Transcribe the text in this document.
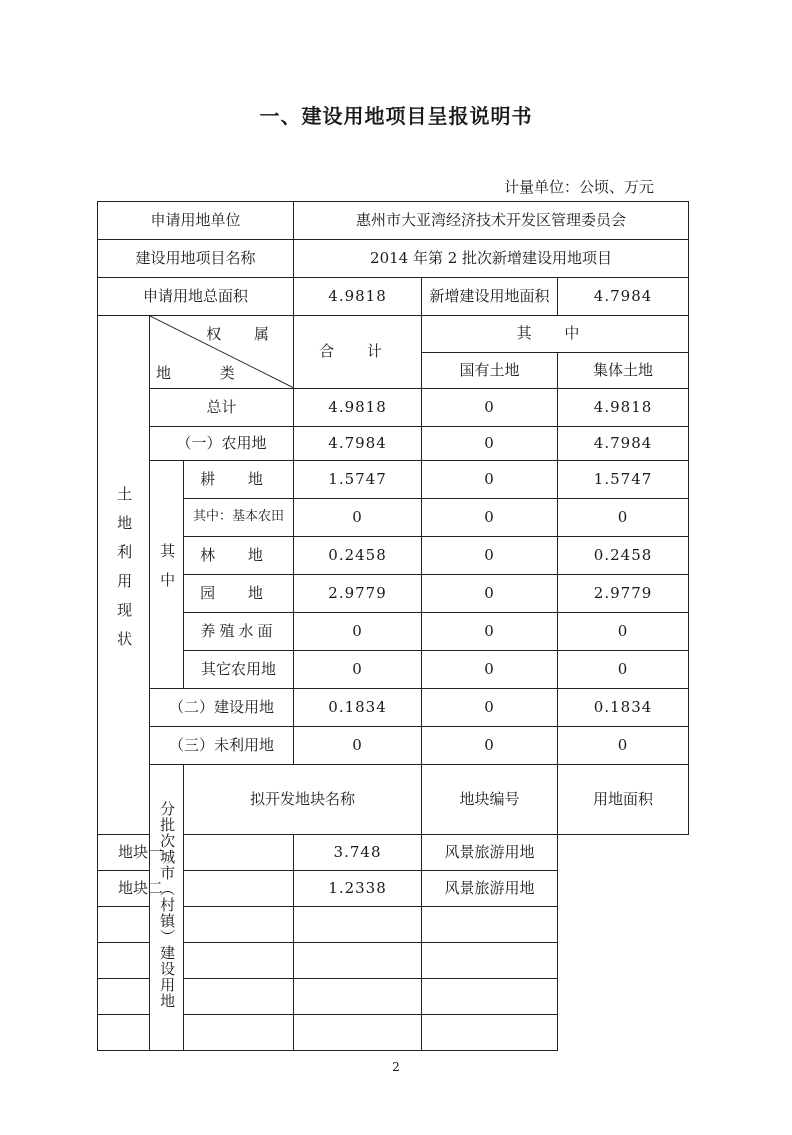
一、建设用地项目呈报说明书
计量单位：公顷、万元
申请用地单位			惠州市大亚湾经济技术开发区管理委员会			
建设用地项目名称			2014 年第 2 批次新增建设用地项目			
申请用地总面积			4.9818	新增建设用地面积	4.7984	
土地利用现状	权 属
地 类		合 计	其 中		
				国有土地	集体土地	
	总计		4.9818	0	4.9818	
	（一）农用地		4.7984	0	4.7984	
	其中	耕 地	1.5747	0	1.5747	
		其中：基本农田	0	0	0	
		林 地	0.2458	0	0.2458	
		园 地	2.9779	0	2.9779	
		养殖水面	0	0	0	
		其它农用地	0	0	0	
	（二）建设用地		0.1834	0	0.1834	
	（三）未利用地		0	0	0	
	分批次城市（村镇）建设用地	拟开发地块名称		地块编号	用地面积	
地块一			3.748	风景旅游用地		
地块二			1.2338	风景旅游用地		

2
